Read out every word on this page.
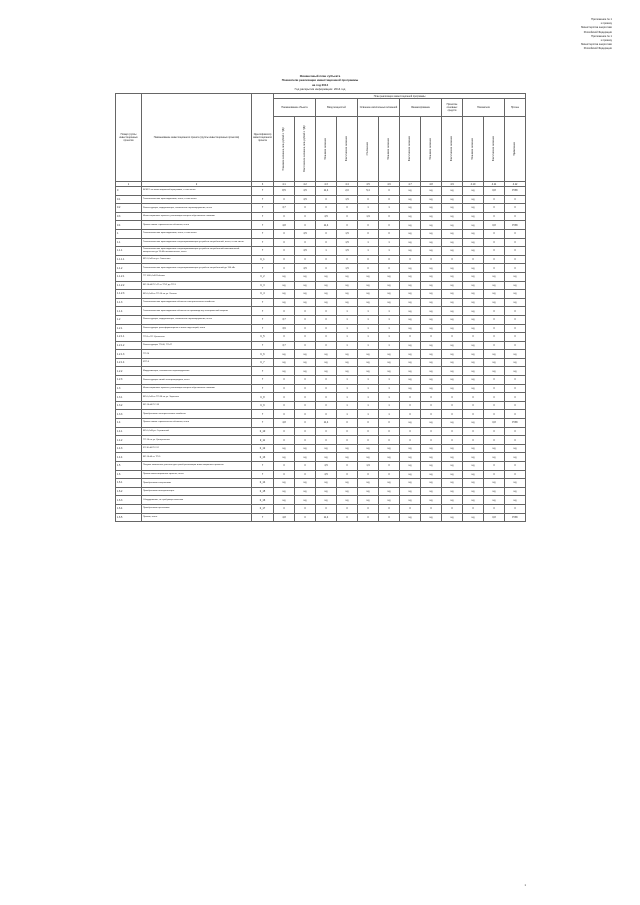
Приложение № 1
к приказу
Министерства энергетики
Российской Федерации
Приложение № 1
к приказу
Министерства энергетики
Российской Федерации
Финансовый план субъекта
Показатели реализации инвестиционной программы
на год 2014
Год раскрытия информации: 2014 год
Номер группы инвестиционных проектов	Наименование инвестиционного проекта (группы инвестиционных проектов)	Идентификатор инвестиционного проекта	План реализации инвестиционной программы											
			Наименование объекта		Ввод мощностей		Освоение капитальных вложений		Финансирование		Принятие основных средств	Показатели		Прочее
			Плановое значение, млн рублей с НДС	Фактическое значение, млн рублей с НДС	Плановое значение	Фактическое значение	Отклонение	Плановое значение	Фактическое значение	Плановое значение	Фактическое значение	Плановое значение	Фактическое значение	Примечание
1	2	3	4.1	4.2	4.3	4.4	4.5	4.6	4.7	4.8	4.9	4.10	4.11	4.12
0	ВСЕГО по инвестиционной программе, в том числе:	Г	8,5	4,5	11,4	2,0	5,4	0	нд	нд	нд	нд	0,8	Р=Вт
0.1	Технологическое присоединение, всего, в том числе:	Г	0	4,5	0	1,5	0	0	нд	нд	нд	нд	0	0
0.2	Реконструкция, модернизация, техническое перевооружение, всего	Г	3,7	0	0	0	1	1	нд	нд	нд	нд	0	0
0.3	Инвестиционные проекты, реализация которых обусловлена схемами	Г	0	0	4,5	0	1,9	0	нд	нд	нд	нд	0	0
0.4	Прочее новое строительство объектов, всего	Г	4,8	0	11,4	0	0	0	нд	нд	нд	нд	0,8	Р=Вт
1	Технологическое присоединение, всего, в том числе:	Г	0	4,5	0	1,5	0	0	нд	нд	нд	нд	0	0
1.1	Технологическое присоединение энергопринимающих устройств потребителей, всего, в том числе:	Г	0	0	0	1,5	1	1	нд	нд	нд	нд	0	0
1.1.1	Технологическое присоединение энергопринимающих устройств потребителей максимальной мощностью до 15 кВт включительно, всего	Г	0	4,5	1	1,5	1	1	нд	нд	нд	нд	0	0
1.1.1.1	ВЛ 0,4 кВ по ул. Советская	К_1	0	0	0	0	0	0	0	0	0	0	0	0
1.1.2	Технологическое присоединение энергопринимающих устройств потребителей до 150 кВт	Г	0	4,5	0	1,5	0	0	нд	нд	нд	нд	0	0
1.1.2.1	ТП 10/0,4 кВ Рабочая	К_2	нд	нд	нд	нд	нд	нд	нд	нд	нд	нд	нд	нд
1.1.2.2	ВЛ-10 кВ ПС-47 от ТП-2 до ТП-3	К_3	нд	нд	нд	нд	нд	нд	нд	нд	нд	нд	нд	нд
1.1.2.3	ВЛ-0,4 кВ от ТП-10 по ул. Лесная	К_4	нд	нд	нд	нд	нд	нд	нд	нд	нд	нд	нд	нд
1.1.3	Технологическое присоединение объектов электросетевого хозяйства	Г	нд	нд	нд	нд	нд	нд	нд	нд	нд	нд	нд	нд
1.1.4	Технологическое присоединение объектов по производству электрической энергии	Г	0	0	0	1	1	1	нд	нд	нд	нд	0	0
1.2	Реконструкция, модернизация, техническое перевооружение, всего	Г	3,7	0	0	1	1	1	нд	нд	нд	нд	0	0
1.2.1	Реконструкция трансформаторных и иных подстанций, всего	Г	3,6	0	0	1	1	1	нд	нд	нд	нд	0	0
1.2.1.1	ТП-8 в ПС Уральская	К_5	0	0	0	1	1	1	0	0	0	0	0	0
1.2.1.2	Реконструкция ТП-40, ТП-47	Г	3,7	0	0	1	1	1	нд	нд	нд	нд	0	0
1.2.1.3	ТП-24	К_6	нд	нд	нд	нд	нд	нд	нд	нд	нд	нд	нд	нд
1.2.1.4	КТП-5	К_7	нд	нд	нд	нд	нд	нд	нд	нд	нд	нд	нд	нд
1.2.2	Модернизация, техническое перевооружение	Г	нд	нд	нд	нд	нд	нд	нд	нд	нд	нд	нд	нд
1.2.3	Реконструкция линий электропередачи, всего	Г	0	0	0	1	1	1	нд	нд	нд	нд	0	0
1.3	Инвестиционные проекты, реализация которых обусловлена схемами	Г	0	0	0	1	1	1	нд	нд	нд	нд	0	0
1.3.1	ВЛ-0,4 кВ от ТП-36 по ул. Заречная	К_8	0	0	0	1	1	1	0	0	0	0	0	0
1.3.2	ВЛ-10 кВ ПС-33	К_9	0	0	0	1	1	1	0	0	0	0	0	0
1.3.3	Приобретение электросетевого хозяйства	Г	0	0	0	1	1	1	0	0	0	0	0	0
1.4	Прочее новое строительство объектов, всего	Г	4,8	0	11,4	0	0	0	нд	нд	нд	нд	0,8	Р=Вт
1.4.1	ВЛ-0,4 кВ ул. Строителей	К_10	0	0	0	0	0	0	0	0	0	0	0	0
1.4.2	ТП-14 на ул. Центральная	К_11	0	0	0	0	0	0	0	0	0	0	0	0
1.4.3	КЛ-10 кВ ПС-12	К_12	нд	нд	нд	нд	нд	нд	нд	нд	нд	нд	нд	нд
1.4.4	ВЛ-10 кВ от ТП-5	К_13	нд	нд	нд	нд	нд	нд	нд	нд	нд	нд	нд	нд
1.5	Покупка земельных участков для целей реализации инвестиционных проектов	Г	0	0	4,5	0	1,9	0	нд	нд	нд	нд	0	0
1.6	Прочие инвестиционные проекты, всего	Г	0	0	4,5	0	0	0	нд	нд	нд	нд	0	0
1.6.1	Приобретение спецтехники	К_14	нд	нд	нд	нд	нд	нд	нд	нд	нд	нд	нд	нд
1.6.2	Приобретение автотранспорта	К_15	нд	нд	нд	нд	нд	нд	нд	нд	нд	нд	нд	нд
1.6.3	Оборудование, не требующее монтажа	К_16	нд	нд	нд	нд	нд	нд	нд	нд	нд	нд	нд	нд
1.6.4	Приобретение оргтехники	К_17	0	0	0	0	0	0	0	0	0	0	0	0
1.6.5	Прочие, всего	Г	4,8	0	11,4	0	0	0	нд	нд	нд	нд	0,8	Р=Вт
1
